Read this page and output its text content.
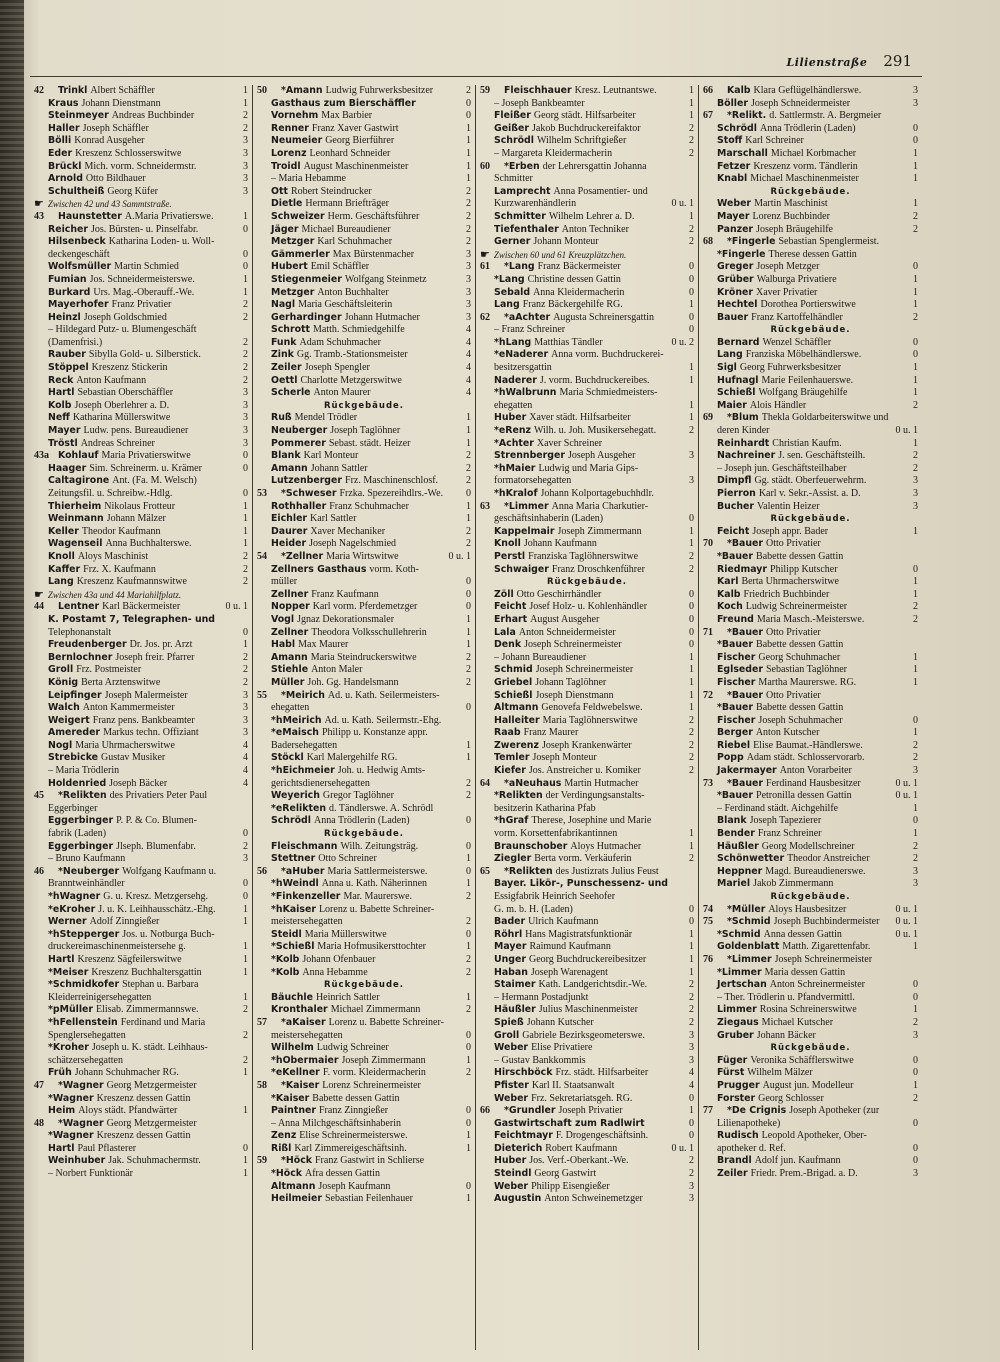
Lilienstraße 291
42	Trinkl Albert Schäffler	1
Kraus Johann Dienstmann	1
Steinmeyer Andreas Buchbinder	2
Haller Joseph Schäffler	2
Bölli Konrad Ausgeher	3
Eder Kreszenz Schlosserswitwe	3
Brückl Mich. vorm. Schneidermstr.	3
Arnold Otto Bildhauer	3
Schultheiß Georg Küfer	3
☛ Zwischen 42 und 43 Sammtstraße.
43	Haunstetter A.Maria Privatierswe.	1
Reicher Jos. Bürsten- u. Pinselfabr.	0
Hilsenbeck Katharina Loden- u. Woll-
deckengeschäft	0
Wolfsmüller Martin Schmied	0
Fumian Jos. Schneidermeisterswe.	1
Burkard Urs. Mag.-Oberauff.-We.	1
Mayerhofer Franz Privatier	2
Heinzl Joseph Goldschmied	2
– Hildegard Putz- u. Blumengeschäft
(Damenfrisi.)	2
Rauber Sibylla Gold- u. Silberstick.	2
Stöppel Kreszenz Stickerin	2
Reck Anton Kaufmann	2
Hartl Sebastian Oberschäffler	3
Kolb Joseph Oberlehrer a. D.	3
Neff Katharina Müllerswitwe	3
Mayer Ludw. pens. Bureaudiener	3
Tröstl Andreas Schreiner	3
43a Kohlauf Maria Privatierswitwe	0
Haager Sim. Schreinerm. u. Krämer	0
Caltagirone Ant. (Fa. M. Welsch)
Zeitungsfil. u. Schreibw.-Hdlg.	0
Thierheim Nikolaus Frotteur	1
Weinmann Johann Mälzer	1
Keller Theodor Kaufmann	1
Wagenseil Anna Buchhalterswe.	1
Knoll Aloys Maschinist	2
Kaffer Frz. X. Kaufmann	2
Lang Kreszenz Kaufmannswitwe	2
☛ Zwischen 43a und 44 Mariahilfplatz.
44	Lentner Karl Bäckermeister	0 u. 1
K. Postamt 7, Telegraphen- und
Telephonanstalt	0
Freudenberger Dr. Jos. pr. Arzt	1
Bernlochner Joseph freir. Pfarrer	2
Groll Frz. Postmeister	2
König Berta Arztenswitwe	2
Leipfinger Joseph Malermeister	3
Walch Anton Kammermeister	3
Weigert Franz pens. Bankbeamter	3
Amereder Markus techn. Offiziant	3
Nogl Maria Uhrmacherswitwe	4
Strebicke Gustav Musiker	4
– Maria Trödlerin	4
Holdenried Joseph Bäcker	4
45	*Relikten des Privatiers Peter Paul
Eggerbinger
Eggerbinger P. P. & Co. Blumen-
fabrik (Laden)	0
Eggerbinger Jlseph. Blumenfabr.	2
– Bruno Kaufmann	3
46	*Neuberger Wolfgang Kaufmann u.
Branntweinhändler	0
*hWagner G. u. Kresz. Metzgersehg.	0
*eKroher J. u. K. Leihhausschätz.-Ehg.	1
Werner Adolf Zinngießer	1
*hStepperger Jos. u. Notburga Buch-
druckereimaschinenmeistersehe g.	1
Hartl Kreszenz Sägfeilerswitwe	1
*Meiser Kreszenz Buchhaltersgattin	1
*Schmidkofer Stephan u. Barbara
Kleiderreinigersehegatten	1
*pMüller Elisab. Zimmermannswe.	2
*hFellenstein Ferdinand und Maria
Spenglersehegatten	2
*Kroher Joseph u. K. städt. Leihhaus-
schätzersehegatten	2
Früh Johann Schuhmacher RG.	1
47	*Wagner Georg Metzgermeister
*Wagner Kreszenz dessen Gattin
Heim Aloys städt. Pfandwärter	1
48	*Wagner Georg Metzgermeister
*Wagner Kreszenz dessen Gattin
Hartl Paul Pflasterer	0
Weinhuber Jak. Schuhmachermstr.	1
– Norbert Funktionär	1
50	*Amann Ludwig Fuhrwerksbesitzer	2
Gasthaus zum Bierschäffler	0
Vornehm Max Barbier	0
Renner Franz Xaver Gastwirt	1
Neumeier Georg Bierführer	1
Lorenz Leonhard Schneider	1
Troidl August Maschinenmeister	1
– Maria Hebamme	1
Ott Robert Steindrucker	2
Dietle Hermann Briefträger	2
Schweizer Herm. Geschäftsführer	2
Jäger Michael Bureaudiener	2
Metzger Karl Schuhmacher	2
Gämmerler Max Bürstenmacher	3
Hubert Emil Schäffler	3
Stiegenmeier Wolfgang Steinmetz	3
Metzger Anton Buchhalter	3
Nagl Maria Geschäftsleiterin	3
Gerhardinger Johann Hutmacher	3
Schrott Matth. Schmiedgehilfe	4
Funk Adam Schuhmacher	4
Zink Gg. Tramb.-Stationsmeister	4
Zeiler Joseph Spengler	4
Oettl Charlotte Metzgerswitwe	4
Scherle Anton Maurer	4
Rückgebäude.
Ruß Mendel Trödler	1
Neuberger Joseph Taglöhner	1
Pommerer Sebast. städt. Heizer	1
Blank Karl Monteur	2
Amann Johann Sattler	2
Lutzenberger Frz. Maschinenschlosf.	2
53	*Schweser Frzka. Spezereihdlrs.-We.	0
Rothhaller Franz Schuhmacher	1
Eichler Karl Sattler	1
Daurer Xaver Mechaniker	2
Heider Joseph Nagelschmied	2
54	*Zellner Maria Wirtswitwe	0 u. 1
Zellners Gasthaus vorm. Koth-
müller	0
Zellner Franz Kaufmann	0
Nopper Karl vorm. Pferdemetzger	0
Vogl Jgnaz Dekorationsmaler	1
Zellner Theodora Volksschullehrerin	1
Habl Max Maurer	1
Amann Maria Steindruckerswitwe	2
Stiehle Anton Maler	2
Müller Joh. Gg. Handelsmann	2
55	*Meirich Ad. u. Kath. Seilermeisters-
ehegatten	0
*hMeirich Ad. u. Kath. Seilermstr.-Ehg.
*eMaisch Philipp u. Konstanze appr.
Badersehegatten	1
Stöckl Karl Malergehilfe RG.	1
*hEichmeier Joh. u. Hedwig Amts-
gerichtsdienersehegatten	2
Weyerich Gregor Taglöhner	2
*eRelikten d. Tändlerswe. A. Schrödl
Schrödl Anna Trödlerin (Laden)	0
Rückgebäude.
Fleischmann Wilh. Zeitungsträg.	0
Stettner Otto Schreiner	1
56	*aHuber Maria Sattlermeisterswe.	0
*hWeindl Anna u. Kath. Näherinnen	1
*Finkenzeller Mar. Maurerswe.	2
*hKaiser Lorenz u. Babette Schreiner-
meistersehegatten	2
Steidl Maria Müllerswitwe	0
*Schießl Maria Hofmusikersttochter	1
*Kolb Johann Ofenbauer	2
*Kolb Anna Hebamme	2
Rückgebäude.
Bäuchle Heinrich Sattler	1
Kronthaler Michael Zimmermann	2
57	*aKaiser Lorenz u. Babette Schreiner-
meistersehegatten	0
Wilhelm Ludwig Schreiner	0
*hObermaier Joseph Zimmermann	1
*eKellner F. vorm. Kleidermacherin	2
58	*Kaiser Lorenz Schreinermeister
*Kaiser Babette dessen Gattin
Paintner Franz Zinngießer	0
– Anna Milchgeschäftsinhaberin	0
Zenz Elise Schreinermeisterswe.	1
Rißl Karl Zimmereigeschäftsinh.	1
59	*Höck Franz Gastwirt in Schlierse
*Höck Afra dessen Gattin
Altmann Joseph Kaufmann	0
Heilmeier Sebastian Feilenhauer	1
59	Fleischhauer Kresz. Leutnantswe.	1
– Joseph Bankbeamter	1
Fleißer Georg städt. Hilfsarbeiter	1
Geißer Jakob Buchdruckereifaktor	2
Schrödl Wilhelm Schriftgießer	2
– Margareta Kleidermacherin	2
60	*Erben der Lehrersgattin Johanna
Schmitter
Lamprecht Anna Posamentier- und
Kurzwarenhändlerin	0 u. 1
Schmitter Wilhelm Lehrer a. D.	1
Tiefenthaler Anton Techniker	2
Gerner Johann Monteur	2
☛ Zwischen 60 und 61 Kreuzplätzchen.
61	*Lang Franz Bäckermeister	0
*Lang Christine dessen Gattin	0
Sebald Anna Kleidermacherin	0
Lang Franz Bäckergehilfe RG.	1
62	*aAchter Augusta Schreinersgattin	0
– Franz Schreiner	0
*hLang Matthias Tändler	0 u. 2
*eNaderer Anna vorm. Buchdruckerei-
besitzersgattin	1
Naderer J. vorm. Buchdruckereibes.	1
*hWalbrunn Maria Schmiedmeisters-
ehegatten	1
Huber Xaver städt. Hilfsarbeiter	1
*eRenz Wilh. u. Joh. Musikersehegatt.	2
*Achter Xaver Schreiner
Strennberger Joseph Ausgeher	3
*hMaier Ludwig und Maria Gips-
formatorsehegatten	3
*hKralof Johann Kolportagebuchhdlr.
63	*Limmer Anna Maria Charkutier-
geschäftsinhaberin (Laden)	0
Kappelmair Joseph Zimmermann	1
Knoll Johann Kaufmann	1
Perstl Franziska Taglöhnerswitwe	2
Schwaiger Franz Droschkenführer	2
Rückgebäude.
Zöll Otto Geschirrhändler	0
Feicht Josef Holz- u. Kohlenhändler	0
Erhart August Ausgeher	0
Lala Anton Schneidermeister	0
Denk Joseph Schreinermeister	0
– Johann Bureaudiener	1
Schmid Joseph Schreinermeister	1
Griebel Johann Taglöhner	1
Schießl Joseph Dienstmann	1
Altmann Genovefa Feldwebelswe.	1
Halleiter Maria Taglöhnerswitwe	2
Raab Franz Maurer	2
Zwerenz Joseph Krankenwärter	2
Temler Joseph Monteur	2
Kiefer Jos. Anstreicher u. Komiker	2
64	*aNeuhaus Martin Hutmacher
*Relikten der Verdingungsanstalts-
besitzerin Katharina Pfab
*hGraf Therese, Josephine und Marie
vorm. Korsettenfabrikantinnen	1
Braunschober Aloys Hutmacher	1
Ziegler Berta vorm. Verkäuferin	2
65	*Relikten des Justizrats Julius Feust
Bayer. Likör-, Punschessenz- und
Essigfabrik Heinrich Seehofer
G. m. b. H. (Laden)	0
Bader Ulrich Kaufmann	0
Röhrl Hans Magistratsfunktionär	1
Mayer Raimund Kaufmann	1
Unger Georg Buchdruckereibesitzer	1
Haban Joseph Warenagent	1
Staimer Kath. Landgerichtsdir.-We.	2
– Hermann Postadjunkt	2
Häußler Julius Maschinenmeister	2
Spieß Johann Kutscher	2
Groll Gabriele Bezirksgeometerswe.	3
Weber Elise Privatiere	3
– Gustav Bankkommis	3
Hirschböck Frz. städt. Hilfsarbeiter	4
Pfister Karl II. Staatsanwalt	4
Weber Frz. Sekretariatsgeh. RG.	0
66	*Grundler Joseph Privatier	1
Gastwirtschaft zum Radlwirt	0
Feichtmayr F. Drogengeschäftsinh.	0
Dieterich Robert Kaufmann	0 u. 1
Huber Jos. Verf.-Oberkant.-We.	2
Steindl Georg Gastwirt	2
Weber Philipp Eisengießer	3
Augustin Anton Schweinemetzger	3
66	Kalb Klara Geflügelhändlerswe.	3
Böller Joseph Schneidermeister	3
67	*Relikt. d. Sattlermstr. A. Bergmeier
Schrödl Anna Trödlerin (Laden)	0
Stoff Karl Schreiner	0
Marschall Michael Korbmacher	1
Fetzer Kreszenz vorm. Tändlerin	1
Knabl Michael Maschinenmeister	1
Rückgebäude.
Weber Martin Maschinist	1
Mayer Lorenz Buchbinder	2
Panzer Joseph Bräugehilfe	2
68	*Fingerle Sebastian Spenglermeist.
*Fingerle Therese dessen Gattin
Greger Joseph Metzger	0
Grüber Walburga Privatiere	1
Kröner Xaver Privatier	1
Hechtel Dorothea Portierswitwe	1
Bauer Franz Kartoffelhändler	2
Rückgebäude.
Bernard Wenzel Schäffler	0
Lang Franziska Möbelhändlerswe.	0
Sigl Georg Fuhrwerksbesitzer	1
Hufnagl Marie Feilenhauerswe.	1
Schießl Wolfgang Bräugehilfe	1
Maier Alois Händler	2
69	*Blum Thekla Goldarbeiterswitwe und
deren Kinder	0 u. 1
Reinhardt Christian Kaufm.	1
Nachreiner J. sen. Geschäftsteilh.	2
– Joseph jun. Geschäftsteilhaber	2
Dimpfl Gg. städt. Oberfeuerwehrm.	3
Pierron Karl v. Sekr.-Assist. a. D.	3
Bucher Valentin Heizer	3
Rückgebäude.
Feicht Joseph appr. Bader	1
70	*Bauer Otto Privatier
*Bauer Babette dessen Gattin
Riedmayr Philipp Kutscher	0
Karl Berta Uhrmacherswitwe	1
Kalb Friedrich Buchbinder	1
Koch Ludwig Schreinermeister	2
Freund Maria Masch.-Meisterswe.	2
71	*Bauer Otto Privatier
*Bauer Babette dessen Gattin
Fischer Georg Schuhmacher	1
Eglseder Sebastian Taglöhner	1
Fischer Martha Maurerswe. RG.	1
72	*Bauer Otto Privatier
*Bauer Babette dessen Gattin
Fischer Joseph Schuhmacher	0
Berger Anton Kutscher	1
Riebel Elise Baumat.-Händlerswe.	2
Popp Adam städt. Schlosservorarb.	2
Jakermayer Anton Vorarbeiter	3
73	*Bauer Ferdinand Hausbesitzer	0 u. 1
*Bauer Petronilla dessen Gattin	0 u. 1
– Ferdinand städt. Aichgehilfe	1
Blank Joseph Tapezierer	0
Bender Franz Schreiner	1
Häußler Georg Modellschreiner	2
Schönwetter Theodor Anstreicher	2
Heppner Magd. Bureaudienerswe.	3
Mariel Jakob Zimmermann	3
Rückgebäude.
74	*Müller Aloys Hausbesitzer	0 u. 1
75	*Schmid Joseph Buchbindermeister	0 u. 1
*Schmid Anna dessen Gattin	0 u. 1
Goldenblatt Matth. Zigarettenfabr.	1
76	*Limmer Joseph Schreinermeister
*Limmer Maria dessen Gattin
Jertschan Anton Schreinermeister	0
– Ther. Trödlerin u. Pfandvermittl.	0
Limmer Rosina Schreinerswitwe	1
Ziegaus Michael Kutscher	2
Gruber Johann Bäcker	3
Rückgebäude.
Füger Veronika Schäfflerswitwe	0
Fürst Wilhelm Mälzer	0
Prugger August jun. Modelleur	1
Forster Georg Schlosser	2
77	*De Crignis Joseph Apotheker (zur
Lilienapotheke)	0
Rudisch Leopold Apotheker, Ober-
apotheker d. Ref.	0
Brandl Adolf jun. Kaufmann	0
Zeiler Friedr. Prem.-Brigad. a. D.	3
